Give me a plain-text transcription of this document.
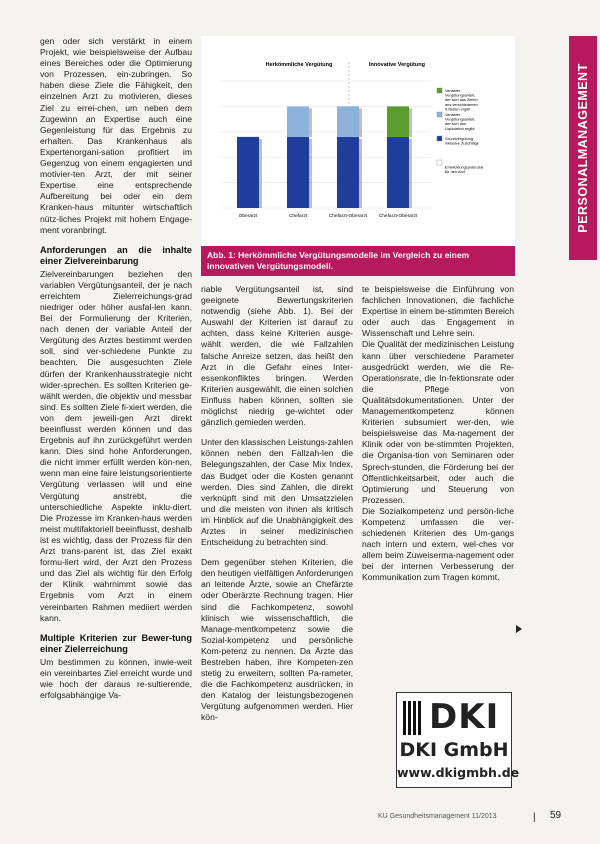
PERSONALMANAGEMENT

gen oder sich verstärkt in einem Projekt, wie beispielsweise der Aufbau eines Bereiches oder die Optimierung von Prozessen, ein-zubringen. So haben diese Ziele die Fähigkeit, den einzelnen Arzt zu motivieren, dieses Ziel zu errei-chen, um neben dem Zugewinn an Expertise auch eine Gegenleistung für das Ergebnis zu erhalten. Das Krankenhaus als Expertenorgani-sation profitiert im Gegenzug von einem engagierten und motivier-ten Arzt, der mit seiner Expertise eine entsprechende Aufbereitung bei oder ein dem Kranken-haus mitunter wirtschaftlich nütz-liches Projekt mit hohem Engage-ment voranbringt.

Anforderungen an die inhalte einer Zielvereinbarung

Zielvereinbarungen beziehen den variablen Vergütungsanteil, der je nach erreichtem Zielerreichungs-grad niedriger oder höher ausfal-len kann. Bei der Formulierung der Kriterien, nach denen der variable Anteil der Vergütung des Arztes bestimmt werden soll, sind ver-schiedene Punkte zu beachten. Die ausgesuchten Ziele dürfen der Krankenhausstrategie nicht wider-sprechen. Es sollten Kriterien ge-wählt werden, die objektiv und messbar sind. Es sollten Ziele fi-xiert werden, die von dem jeweili-gen Arzt direkt beeinflusst werden können und das Ergebnis auf ihn zurückgeführt werden kann. Dies sind hohe Anforderungen, die nicht immer erfüllt werden kön-nen, wenn man eine faire leistungsorientierte Vergütung verlassen will und eine Vergütung anstrebt, die unterschiedliche Aspekte inklu-diert. Die Prozesse im Kranken-haus werden meist multifaktoriell beeinflusst, deshalb ist es wichtig, dass der Prozess für den Arzt trans-parent ist, das Ziel exakt formu-liert wird, der Arzt den Prozess und das Ziel als wichtig für den Erfolg der Klinik wahrnimmt sowie das Ergebnis vom Arzt in einem vereinbarten Rahmen mediiert werden kann.

Multiple Kriterien zur Bewer-tung einer Zielerreichung

Um bestimmen zu können, inwie-weit ein vereinbartes Ziel erreicht wurde und wie hoch der daraus re-sultierende, erfolgsabhängige Va-

Herkömmliche Vergütung	Innovative Vergütung
Oberarzt	Chefarzt	Chefarzt-Oberarzt Chefarzt-Oberarzt
Variabler Vergütungsanteil, der sich aus Zielen aus verschiedenen Kriterien ergibt
Variabler Vergütungsanteil, der sich aus Liquidation ergibt
Grundvergütung inklusive Zuschläge
Entwicklungspotenzial für den Arzt
Abb. 1: Herkömmliche Vergütungsmodelle im Vergleich zu einem innovativen Vergütungsmodell.

riable Vergütungsanteil ist, sind geeignete Bewertungskriterien notwendig (siehe Abb. 1). Bei der Auswahl der Kriterien ist darauf zu achten, dass keine Kriterien ausge-wählt werden, die wie Fallzahlen falsche Anreize setzen, das heißt den Arzt in die Gefahr eines Inter-essenkonfliktes bringen. Werden Kriterien ausgewählt, die einen solchen Einfluss haben können, sollten sie möglichst niedrig ge-wichtet oder gänzlich gemieden werden.

Unter den klassischen Leistungs-zahlen können neben den Fallzah-len die Belegungszahlen, der Case Mix Index, das Budget oder die Kosten genannt werden. Dies sind Zahlen, die direkt verknüpft sind mit den Umsatzzielen und die meisten von ihnen als kritisch im Hinblick auf die Unabhängigkeit des Arztes in seiner medizinischen Entscheidung zu betrachten sind.

Dem gegenüber stehen Kriterien, die den heutigen vielfältigen Anforderungen an leitende Ärzte, sowie an Chefärzte oder Oberärzte Rechnung tragen. Hier sind die Fachkompetenz, sowohl klinisch wie wissenschaftlich, die Manage-mentkompetenz sowie die Sozial-kompetenz und persönliche Kom-petenz zu nennen. Da Ärzte das Bestreben haben, ihre Kompeten-zen stetig zu erweitern, sollten Pa-rameter, die die Fachkompetenz ausdrücken, in den Katalog der leistungsbezogenen Vergütung aufgenommen werden. Hier kön-

te beispielsweise die Einführung von fachlichen Innovationen, die fachliche Expertise in einem be-stimmten Bereich oder auch das Engagement in Wissenschaft und Lehre sein.

Die Qualität der medizinischen Leistung kann über verschiedene Parameter ausgedrückt werden, wie die Re-Operationsrate, die In-fektionsrate oder die Pflege von Qualitätsdokumentationen. Unter der Managementkompetenz können Kriterien subsumiert wer-den, wie beispielsweise das Ma-nagement der Klinik oder von be-stimmten Projekten, die Organisa-tion von Seminaren oder Sprech-stunden, die Förderung bei der Öffentlichkeitsarbeit, oder auch die Optimierung und Steuerung von Prozessen.

Die Sozialkompetenz und persön-liche Kompetenz umfassen die ver-schiedenen Kriterien des Um-gangs nach intern und extern, wel-ches vor allem beim Zuweiserma-nagement oder bei der internen Verbesserung der Kommunikation zum Tragen kommt.

DKI
DKI GmbH
www.dkigmbh.de
KU Gesundheitsmanagement 11/2013	| 59
